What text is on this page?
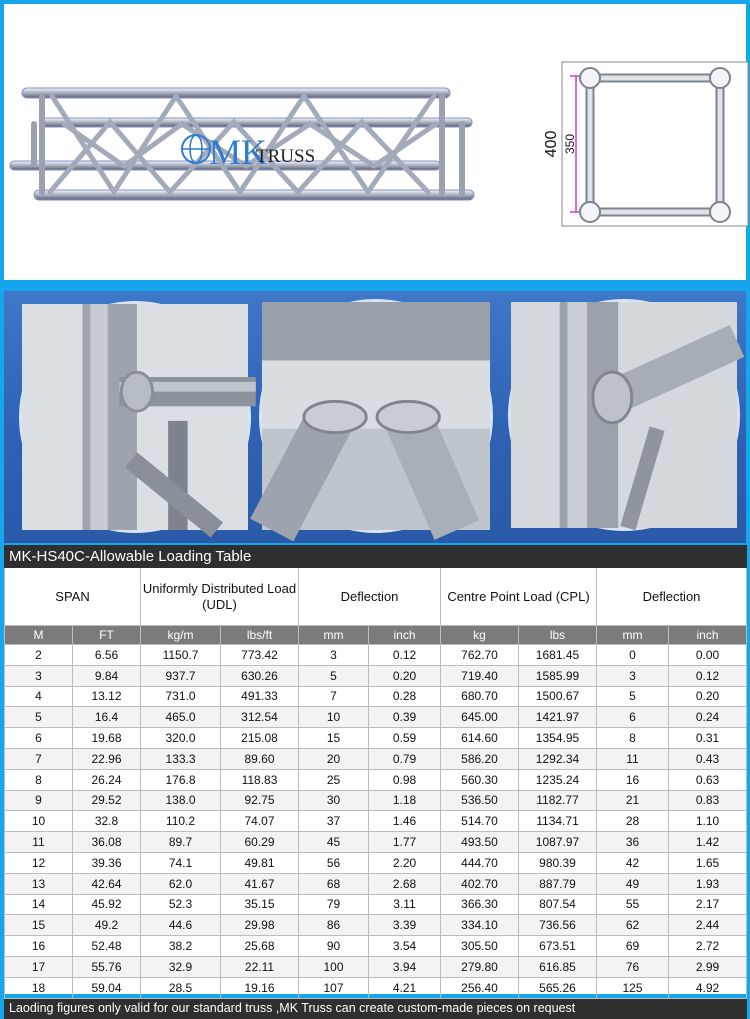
MK
TRUSS	400 350
MK-HS40C-Allowable Loading Table									
SPAN		Uniformly Distributed Load (UDL)		Deflection		Centre Point Load (CPL)		Deflection	
M	FT	kg/m	lbs/ft	mm	inch	kg	lbs	mm	inch
2	6.56	1150.7	773.42	3	0.12	762.70	1681.45	0	0.00
3	9.84	937.7	630.26	5	0.20	719.40	1585.99	3	0.12
4	13.12	731.0	491.33	7	0.28	680.70	1500.67	5	0.20
5	16.4	465.0	312.54	10	0.39	645.00	1421.97	6	0.24
6	19.68	320.0	215.08	15	0.59	614.60	1354.95	8	0.31
7	22.96	133.3	89.60	20	0.79	586.20	1292.34	11	0.43
8	26.24	176.8	118.83	25	0.98	560.30	1235.24	16	0.63
9	29.52	138.0	92.75	30	1.18	536.50	1182.77	21	0.83
10	32.8	110.2	74.07	37	1.46	514.70	1134.71	28	1.10
11	36.08	89.7	60.29	45	1.77	493.50	1087.97	36	1.42
12	39.36	74.1	49.81	56	2.20	444.70	980.39	42	1.65
13	42.64	62.0	41.67	68	2.68	402.70	887.79	49	1.93
14	45.92	52.3	35.15	79	3.11	366.30	807.54	55	2.17
15	49.2	44.6	29.98	86	3.39	334.10	736.56	62	2.44
16	52.48	38.2	25.68	90	3.54	305.50	673.51	69	2.72
17	55.76	32.9	22.11	100	3.94	279.80	616.85	76	2.99
18	59.04	28.5	19.16	107	4.21	256.40	565.26	125	4.92
Laoding figures only valid for our standard truss ,MK Truss can create custom-made pieces on request									
